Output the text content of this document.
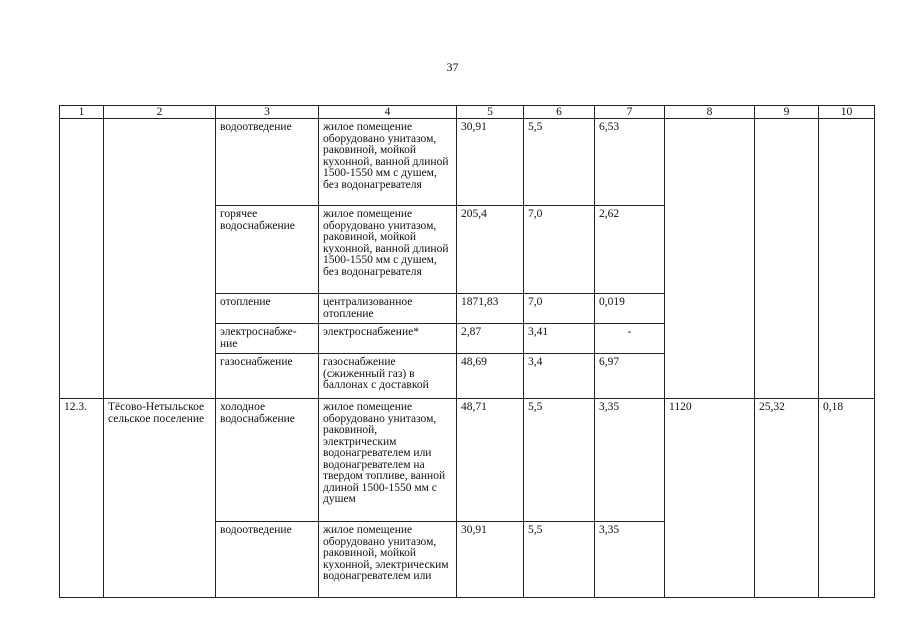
37
1	2	3	4	5	6	7	8	9	10
		водоотведение	жилое помещение оборудовано унитазом, раковиной, мойкой кухонной, ванной длиной 1500-1550 мм с душем, без водонагревателя	30,91	5,5	6,53			
		горячее водоснабжение	жилое помещение оборудовано унитазом, раковиной, мойкой кухонной, ванной длиной 1500-1550 мм с душем, без водонагревателя	205,4	7,0	2,62			
		отопление	централизованное отопление	1871,83	7,0	0,019			
		электроснабже-ние	электроснабжение*	2,87	3,41	-			
		газоснабжение	газоснабжение (сжиженный газ) в баллонах с доставкой	48,69	3,4	6,97			
12.3.	Тёсово-Нетыльское сельское поселение	холодное водоснабжение	жилое помещение оборудовано унитазом, раковиной, электрическим водонагревателем или водонагревателем на твердом топливе, ванной длиной 1500-1550 мм с душем	48,71	5,5	3,35	1120	25,32	0,18
		водоотведение	жилое помещение оборудовано унитазом, раковиной, мойкой кухонной, электрическим водонагревателем или	30,91	5,5	3,35			
